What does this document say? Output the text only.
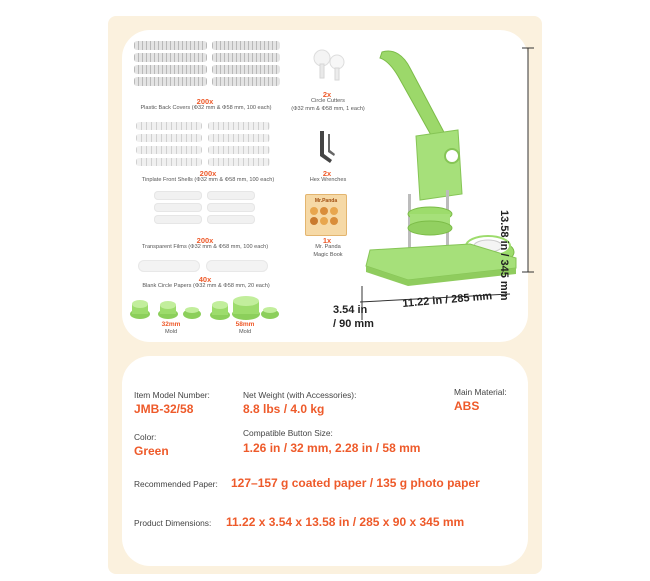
200x
Plastic Back Covers (Φ32 mm & Φ58 mm, 100 each)
200x
Tinplate Front Shells (Φ32 mm & Φ58 mm, 100 each)
200x
Transparent Films (Φ32 mm & Φ58 mm, 100 each)
40x
Blank Circle Papers (Φ32 mm & Φ58 mm, 20 each)
32mm
Mold
58mm
Mold
2x
Circle Cutters
(Φ32 mm & Φ58 mm, 1 each)
2x
Hex Wrenches
Mr.Panda
1x
Mr. Panda
Magic Book	13.58 in / 345 mm
3.54 in
/ 90 mm
11.22 in / 285 mm
Item Model Number:
JMB-32/58
Net Weight (with Accessories):
8.8 lbs / 4.0 kg
Main Material:
ABS
Color:
Green
Compatible Button Size:
1.26 in / 32 mm, 2.28 in / 58 mm
Recommended Paper: 127–157 g coated paper / 135 g photo paper
Product Dimensions: 11.22 x 3.54 x 13.58 in / 285 x 90 x 345 mm
